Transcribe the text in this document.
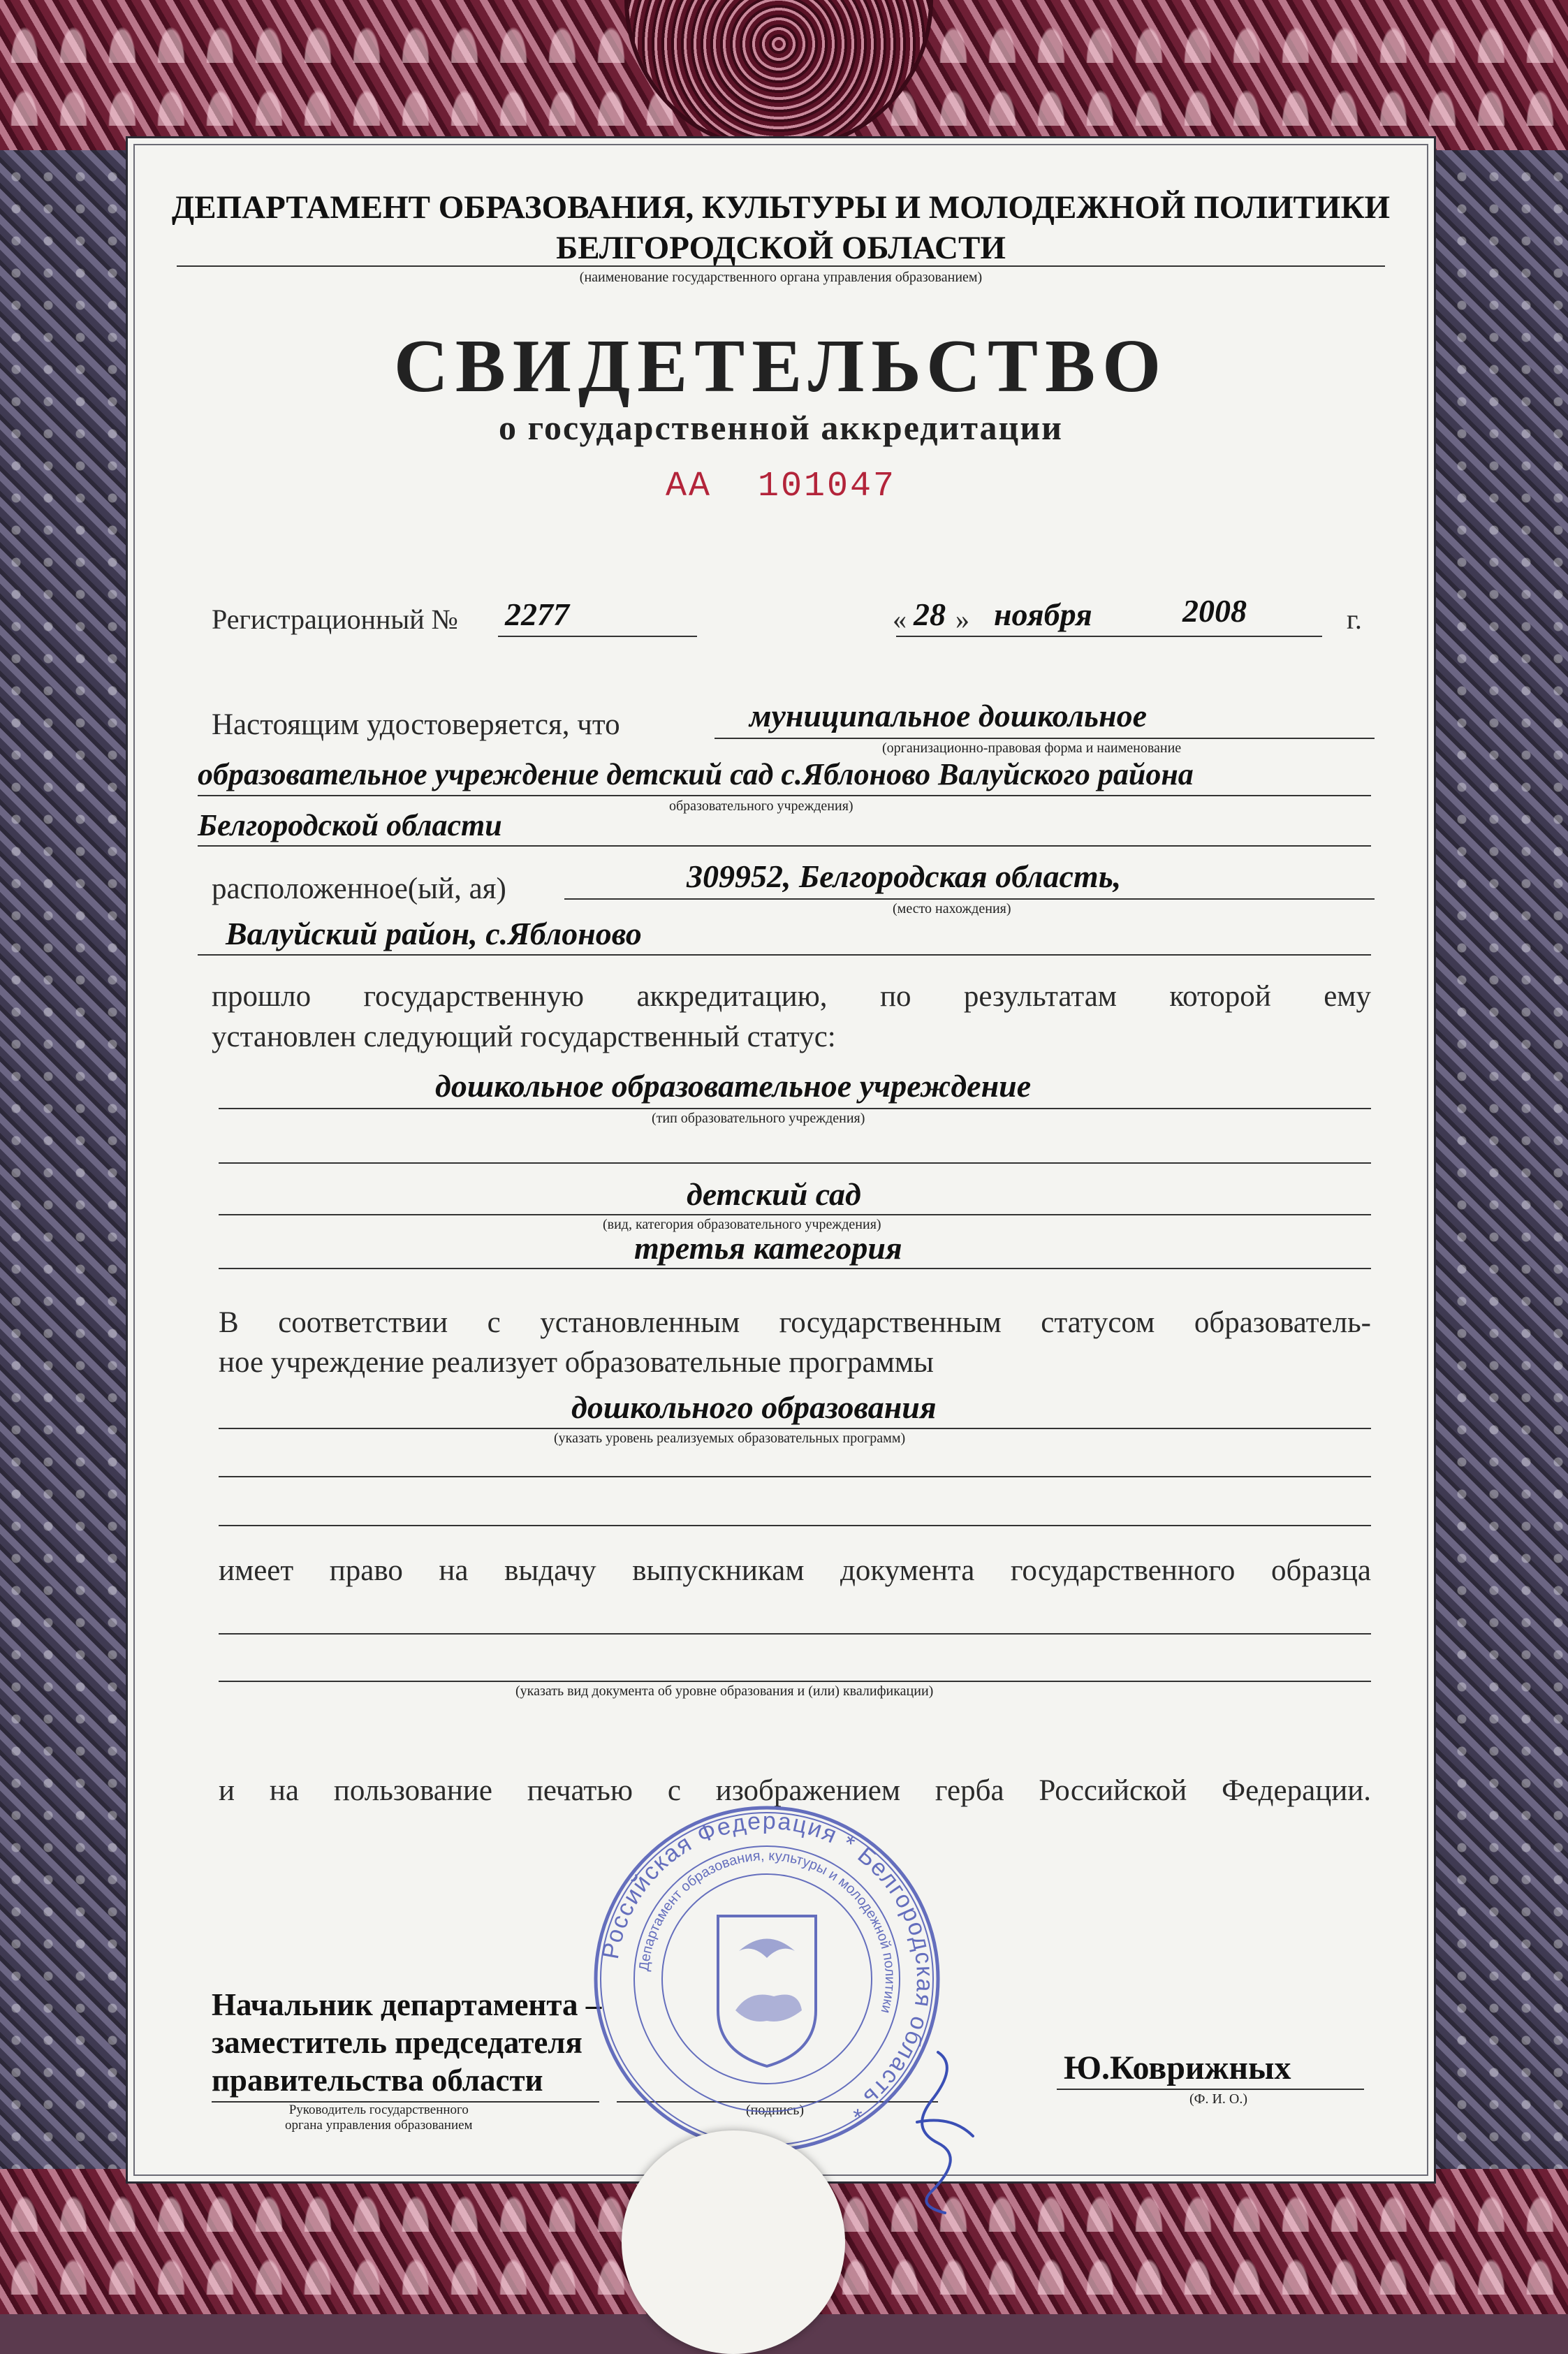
ДЕПАРТАМЕНТ ОБРАЗОВАНИЯ, КУЛЬТУРЫ И МОЛОДЕЖНОЙ ПОЛИТИКИ
БЕЛГОРОДСКОЙ ОБЛАСТИ
(наименование государственного органа управления образованием)
СВИДЕТЕЛЬСТВО
о государственной аккредитации
АА 101047
Регистрационный № 2277	« 28 » ноября	2008	г.
Настоящим удостоверяется, что	муниципальное дошкольное
(организационно-правовая форма и наименование
образовательное учреждение детский сад с.Яблоново Валуйского района
образовательного учреждения)
Белгородской области
расположенное(ый, ая)	309952, Белгородская область,
(место нахождения)
Валуйский район, с.Яблоново
прошло государственную аккредитацию, по результатам которой ему
установлен следующий государственный статус:
дошкольное образовательное учреждение
(тип образовательного учреждения)
детский сад
(вид, категория образовательного учреждения)
третья категория
В соответствии с установленным государственным статусом образователь-
ное учреждение реализует образовательные программы
дошкольного образования
(указать уровень реализуемых образовательных программ)
имеет право на выдачу выпускникам документа государственного образца
(указать вид документа об уровне образования и (или) квалификации)
и на пользование печатью с изображением герба Российской Федерации.
Начальник департамента –
заместитель председателя
правительства области
Руководитель государственного
органа управления образованием
(подпись)
Ю.Коврижных
(Ф. И. О.)
Российская Федерация * Белгородская область *
Департамент образования, культуры и молодежной политики
